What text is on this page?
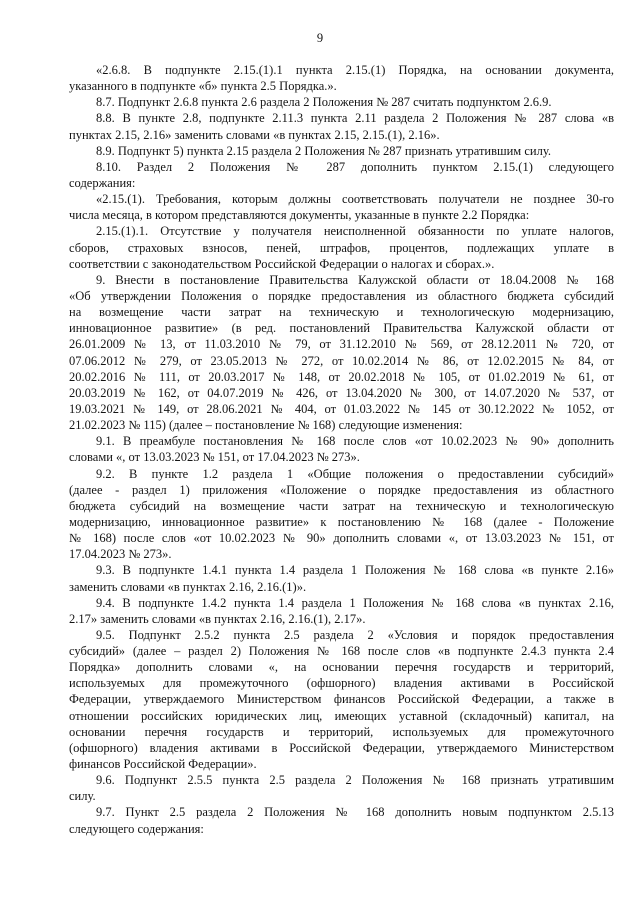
9
«2.6.8. В подпункте 2.15.(1).1 пункта 2.15.(1) Порядка, на основании документа,
указанного в подпункте «б» пункта 2.5 Порядка.».
8.7. Подпункт 2.6.8 пункта 2.6 раздела 2 Положения № 287 считать подпунктом 2.6.9.
8.8. В пункте 2.8, подпункте 2.11.3 пункта 2.11 раздела 2 Положения № 287 слова «в
пунктах 2.15, 2.16» заменить словами «в пунктах 2.15, 2.15.(1), 2.16».
8.9. Подпункт 5) пункта 2.15 раздела 2 Положения № 287 признать утратившим силу.
8.10. Раздел 2 Положения № 287 дополнить пунктом 2.15.(1) следующего
содержания:
«2.15.(1). Требования, которым должны соответствовать получатели не позднее 30-го
числа месяца, в котором представляются документы, указанные в пункте 2.2 Порядка:
2.15.(1).1. Отсутствие у получателя неисполненной обязанности по уплате налогов,
сборов, страховых взносов, пеней, штрафов, процентов, подлежащих уплате в
соответствии с законодательством Российской Федерации о налогах и сборах.».
9. Внести в постановление Правительства Калужской области от 18.04.2008 № 168
«Об утверждении Положения о порядке предоставления из областного бюджета субсидий
на возмещение части затрат на техническую и технологическую модернизацию,
инновационное развитие» (в ред. постановлений Правительства Калужской области от
26.01.2009 № 13, от 11.03.2010 № 79, от 31.12.2010 № 569, от 28.12.2011 № 720, от
07.06.2012 № 279, от 23.05.2013 № 272, от 10.02.2014 № 86, от 12.02.2015 № 84, от
20.02.2016 № 111, от 20.03.2017 № 148, от 20.02.2018 № 105, от 01.02.2019 № 61, от
20.03.2019 № 162, от 04.07.2019 № 426, от 13.04.2020 № 300, от 14.07.2020 № 537, от
19.03.2021 № 149, от 28.06.2021 № 404, от 01.03.2022 № 145 от 30.12.2022 № 1052, от
21.02.2023 № 115) (далее – постановление № 168) следующие изменения:
9.1. В преамбуле постановления № 168 после слов «от 10.02.2023 № 90» дополнить
словами «, от 13.03.2023 № 151, от 17.04.2023 № 273».
9.2. В пункте 1.2 раздела 1 «Общие положения о предоставлении субсидий»
(далее - раздел 1) приложения «Положение о порядке предоставления из областного
бюджета субсидий на возмещение части затрат на техническую и технологическую
модернизацию, инновационное развитие» к постановлению № 168 (далее - Положение
№ 168) после слов «от 10.02.2023 № 90» дополнить словами «, от 13.03.2023 № 151, от
17.04.2023 № 273».
9.3. В подпункте 1.4.1 пункта 1.4 раздела 1 Положения № 168 слова «в пункте 2.16»
заменить словами «в пунктах 2.16, 2.16.(1)».
9.4. В подпункте 1.4.2 пункта 1.4 раздела 1 Положения № 168 слова «в пунктах 2.16,
2.17» заменить словами «в пунктах 2.16, 2.16.(1), 2.17».
9.5. Подпункт 2.5.2 пункта 2.5 раздела 2 «Условия и порядок предоставления
субсидий» (далее – раздел 2) Положения № 168 после слов «в подпункте 2.4.3 пункта 2.4
Порядка» дополнить словами «, на основании перечня государств и территорий,
используемых для промежуточного (офшорного) владения активами в Российской
Федерации, утверждаемого Министерством финансов Российской Федерации, а также в
отношении российских юридических лиц, имеющих уставной (складочный) капитал, на
основании перечня государств и территорий, используемых для промежуточного
(офшорного) владения активами в Российской Федерации, утверждаемого Министерством
финансов Российской Федерации».
9.6. Подпункт 2.5.5 пункта 2.5 раздела 2 Положения № 168 признать утратившим
силу.
9.7. Пункт 2.5 раздела 2 Положения № 168 дополнить новым подпунктом 2.5.13
следующего содержания:
